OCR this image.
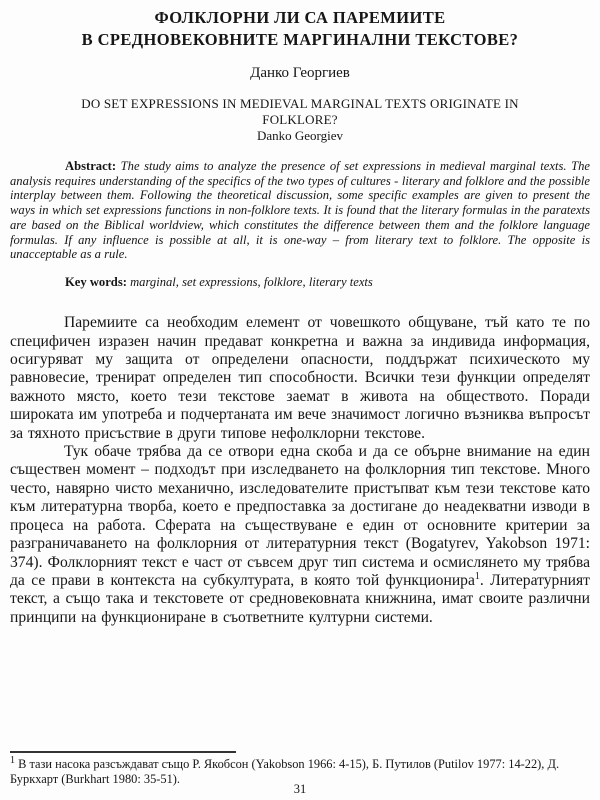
ФОЛКЛОРНИ ЛИ СА ПАРЕМИИТЕ
В СРЕДНОВЕКОВНИТЕ МАРГИНАЛНИ ТЕКСТОВЕ?
Данко Георгиев
DO SET EXPRESSIONS IN MEDIEVAL MARGINAL TEXTS ORIGINATE IN FOLKLORE?
Danko Georgiev

Abstract: The study aims to analyze the presence of set expressions in medieval marginal texts. The analysis requires understanding of the specifics of the two types of cultures - literary and folklore and the possible interplay between them. Following the theoretical discussion, some specific examples are given to present the ways in which set expressions functions in non-folklore texts. It is found that the literary formulas in the paratexts are based on the Biblical worldview, which constitutes the difference between them and the folklore language formulas. If any influence is possible at all, it is one-way – from literary text to folklore. The opposite is unacceptable as a rule.

Key words: marginal, set expressions, folklore, literary texts

Паремиите са необходим елемент от човешкото общуване, тъй като те по специфичен изразен начин предават конкретна и важна за индивида информация, осигуряват му защита от определени опасности, поддържат психическото му равновесие, тренират определен тип способности. Всички тези функции определят важното място, което тези текстове заемат в живота на обществото. Поради широката им употреба и подчертаната им вече значимост логично възниква въпросът за тяхното присъствие в други типове нефолклорни текстове.

Тук обаче трябва да се отвори една скоба и да се обърне внимание на един съществен момент – подходът при изследването на фолклорния тип текстове. Много често, навярно чисто механично, изследователите пристъпват към тези текстове като към литературна творба, което е предпоставка за достигане до неадекватни изводи в процеса на работа. Сферата на съществуване е един от основните критерии за разграничаването на фолклорния от литературния текст (Bogatyrev, Yakobson 1971: 374). Фолклорният текст е част от съвсем друг тип система и осмислянето му трябва да се прави в контекста на субкултурата, в която той функционира$^1$. Литературният текст, а също така и текстовете от средновековната книжнина, имат своите различни принципи на функциониране в съответните културни системи.

$^1$ В тази насока разсъждават също Р. Якобсон (Yakobson 1966: 4-15), Б. Путилов (Putilov 1977: 14-22), Д. Буркхарт (Burkhart 1980: 35-51).
31
